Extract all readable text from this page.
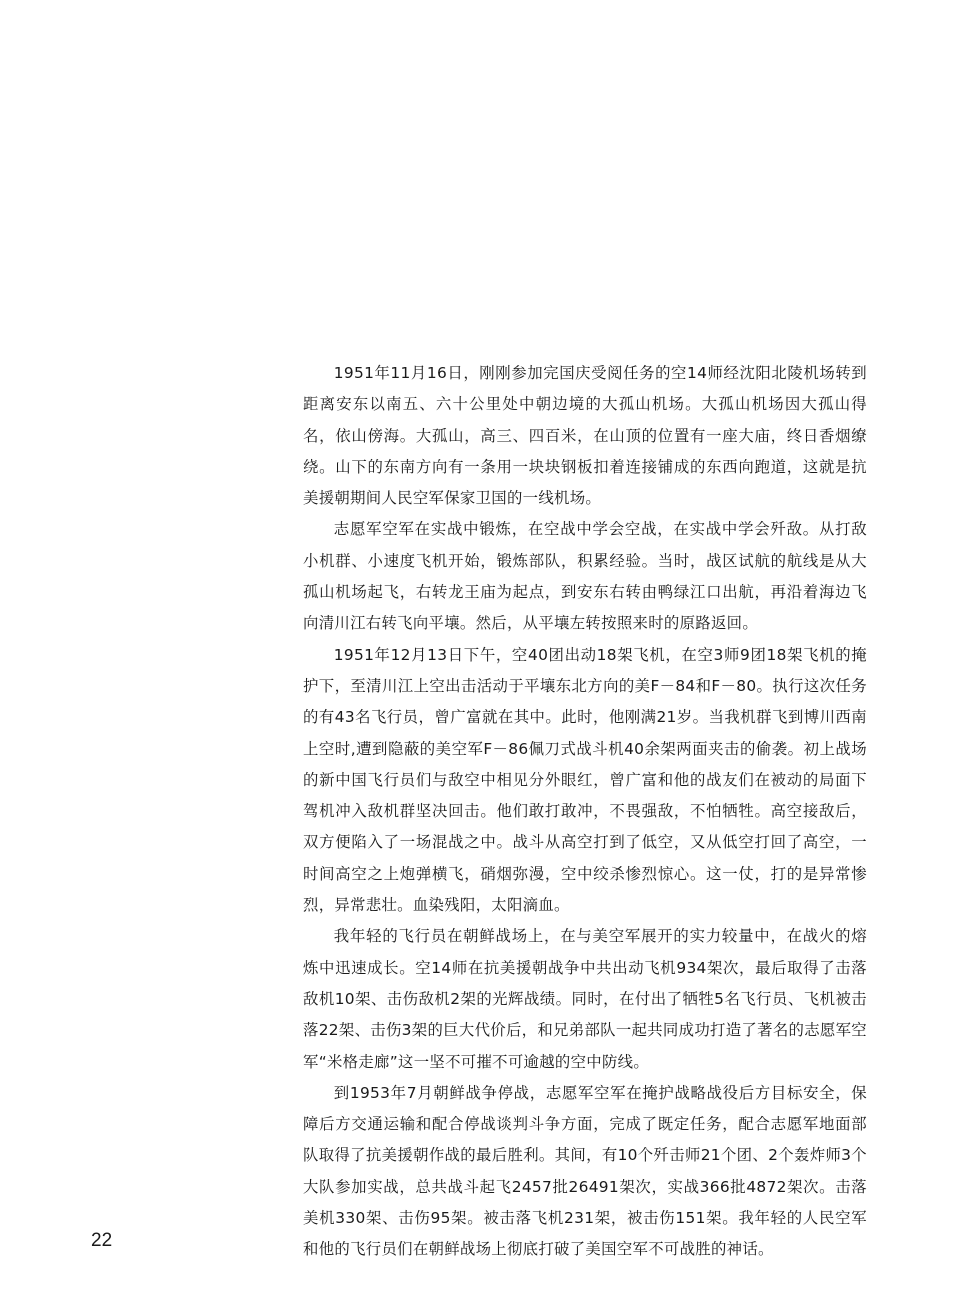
1951年11月16日，刚刚参加完国庆受阅任务的空14师经沈阳北陵机场转到距离安东以南五、六十公里处中朝边境的大孤山机场。大孤山机场因大孤山得名，依山傍海。大孤山，高三、四百米，在山顶的位置有一座大庙，终日香烟缭绕。山下的东南方向有一条用一块块钢板扣着连接铺成的东西向跑道，这就是抗美援朝期间人民空军保家卫国的一线机场。

志愿军空军在实战中锻炼，在空战中学会空战，在实战中学会歼敌。从打敌小机群、小速度飞机开始，锻炼部队，积累经验。当时，战区试航的航线是从大孤山机场起飞，右转龙王庙为起点，到安东右转由鸭绿江口出航，再沿着海边飞向清川江右转飞向平壤。然后，从平壤左转按照来时的原路返回。

1951年12月13日下午，空40团出动18架飞机，在空3师9团18架飞机的掩护下，至清川江上空出击活动于平壤东北方向的美F－84和F－80。执行这次任务的有43名飞行员，曾广富就在其中。此时，他刚满21岁。当我机群飞到博川西南上空时,遭到隐蔽的美空军F－86佩刀式战斗机40余架两面夹击的偷袭。初上战场的新中国飞行员们与敌空中相见分外眼红，曾广富和他的战友们在被动的局面下驾机冲入敌机群坚决回击。他们敢打敢冲，不畏强敌，不怕牺牲。高空接敌后，双方便陷入了一场混战之中。战斗从高空打到了低空，又从低空打回了高空，一时间高空之上炮弹横飞，硝烟弥漫，空中绞杀惨烈惊心。这一仗，打的是异常惨烈，异常悲壮。血染残阳，太阳滴血。

我年轻的飞行员在朝鲜战场上，在与美空军展开的实力较量中，在战火的熔炼中迅速成长。空14师在抗美援朝战争中共出动飞机934架次，最后取得了击落敌机10架、击伤敌机2架的光辉战绩。同时，在付出了牺牲5名飞行员、飞机被击落22架、击伤3架的巨大代价后，和兄弟部队一起共同成功打造了著名的志愿军空军“米格走廊”这一坚不可摧不可逾越的空中防线。

到1953年7月朝鲜战争停战，志愿军空军在掩护战略战役后方目标安全，保障后方交通运输和配合停战谈判斗争方面，完成了既定任务，配合志愿军地面部队取得了抗美援朝作战的最后胜利。其间，有10个歼击师21个团、2个轰炸师3个大队参加实战，总共战斗起飞2457批26491架次，实战366批4872架次。击落美机330架、击伤95架。被击落飞机231架，被击伤151架。我年轻的人民空军和他的飞行员们在朝鲜战场上彻底打破了美国空军不可战胜的神话。

22
